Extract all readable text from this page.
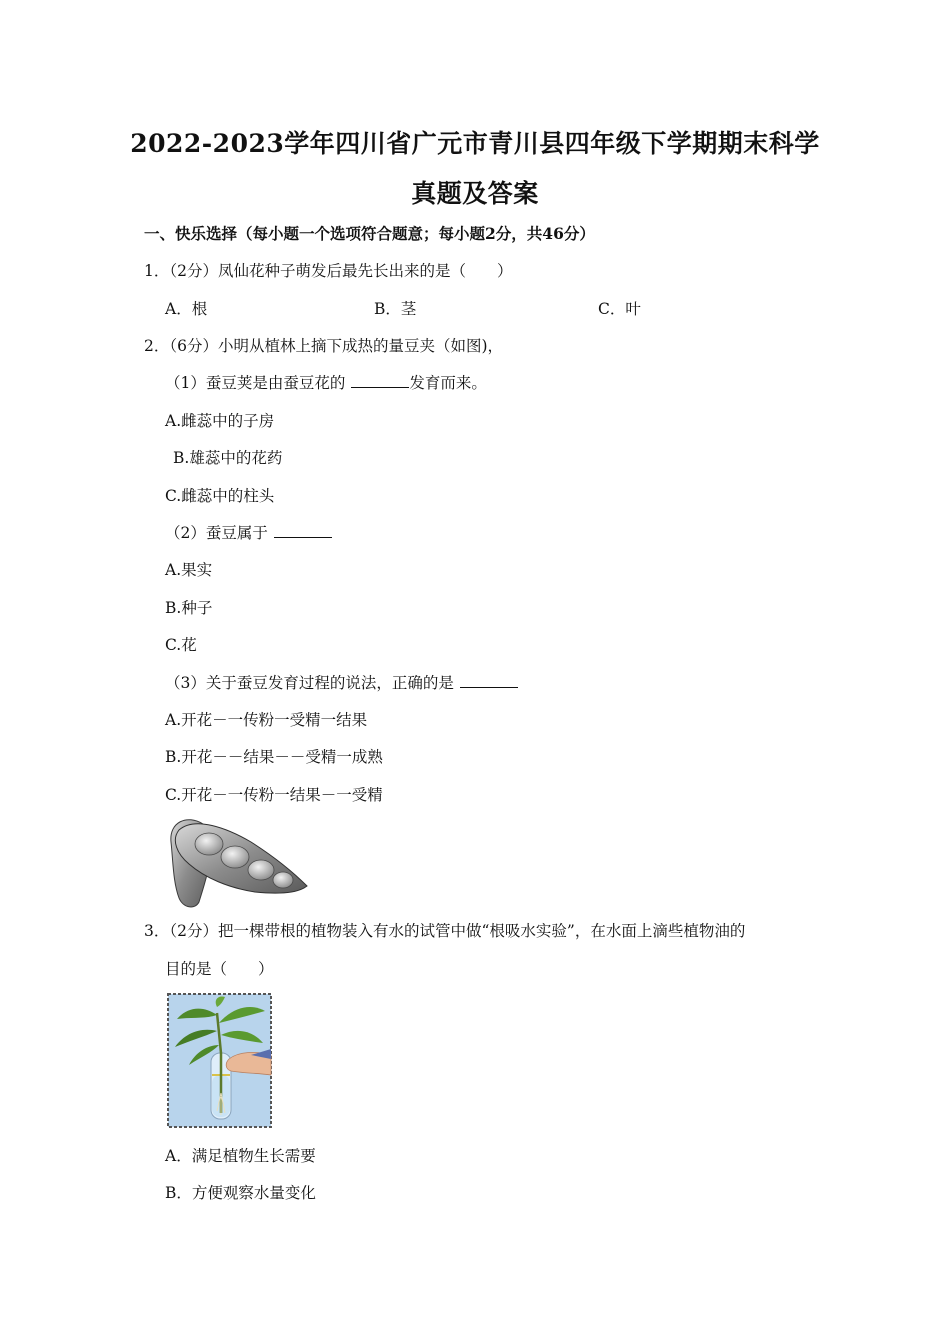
2022-2023学年四川省广元市青川县四年级下学期期末科学
真题及答案
一、快乐选择（每小题一个选项符合题意；每小题2分，共46分）
1．（2分）凤仙花种子萌发后最先长出来的是（　　）
A．根	B．茎	C．叶
2．（6分）小明从植林上摘下成热的量豆夹（如图)，
（1）蚕豆荚是由蚕豆花的	发育而来。
A.雌蕊中的子房
B.雄蕊中的花药
C.雌蕊中的柱头
（2）蚕豆属于
A.果实
B.种子
C.花
（3）关于蚕豆发育过程的说法，正确的是
A.开花－一传粉一受精一结果
B.开花－－结果－－受精一成熟
C.开花－一传粉一结果－一受精
3．（2分）把一棵带根的植物装入有水的试管中做“根吸水实验”，在水面上滴些植物油的
目的是（　　）
A．满足植物生长需要
B．方便观察水量变化
